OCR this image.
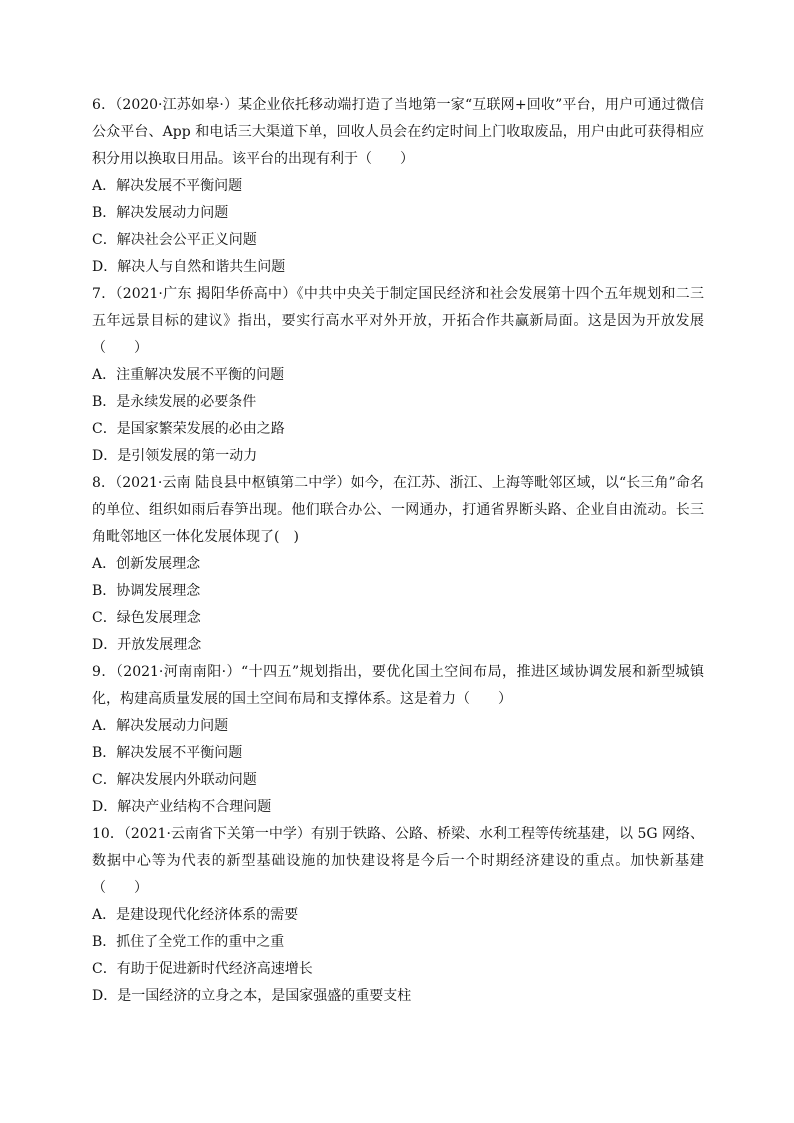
6．（2020·江苏如皋·）某企业依托移动端打造了当地第一家“互联网+回收”平台，用户可通过微信公众平台、App 和电话三大渠道下单，回收人员会在约定时间上门收取废品，用户由此可获得相应积分用以换取日用品。该平台的出现有利于（　　）

A．解决发展不平衡问题

B．解决发展动力问题

C．解决社会公平正义问题

D．解决人与自然和谐共生问题

7．（2021·广东 揭阳华侨高中）《中共中央关于制定国民经济和社会发展第十四个五年规划和二三五年远景目标的建议》指出，要实行高水平对外开放，开拓合作共赢新局面。这是因为开放发展（　　）

A．注重解决发展不平衡的问题

B．是永续发展的必要条件

C．是国家繁荣发展的必由之路

D．是引领发展的第一动力

8．（2021·云南 陆良县中枢镇第二中学）如今，在江苏、浙江、上海等毗邻区域，以“长三角”命名的单位、组织如雨后春笋出现。他们联合办公、一网通办，打通省界断头路、企业自由流动。长三角毗邻地区一体化发展体现了(　)

A．创新发展理念

B．协调发展理念

C．绿色发展理念

D．开放发展理念

9．（2021·河南南阳·）“十四五”规划指出，要优化国土空间布局，推进区域协调发展和新型城镇化，构建高质量发展的国土空间布局和支撑体系。这是着力（　　）

A．解决发展动力问题

B．解决发展不平衡问题

C．解决发展内外联动问题

D．解决产业结构不合理问题

10．（2021·云南省下关第一中学）有别于铁路、公路、桥梁、水利工程等传统基建，以 5G 网络、数据中心等为代表的新型基础设施的加快建设将是今后一个时期经济建设的重点。加快新基建（　　）

A．是建设现代化经济体系的需要

B．抓住了全党工作的重中之重

C．有助于促进新时代经济高速增长

D．是一国经济的立身之本，是国家强盛的重要支柱
